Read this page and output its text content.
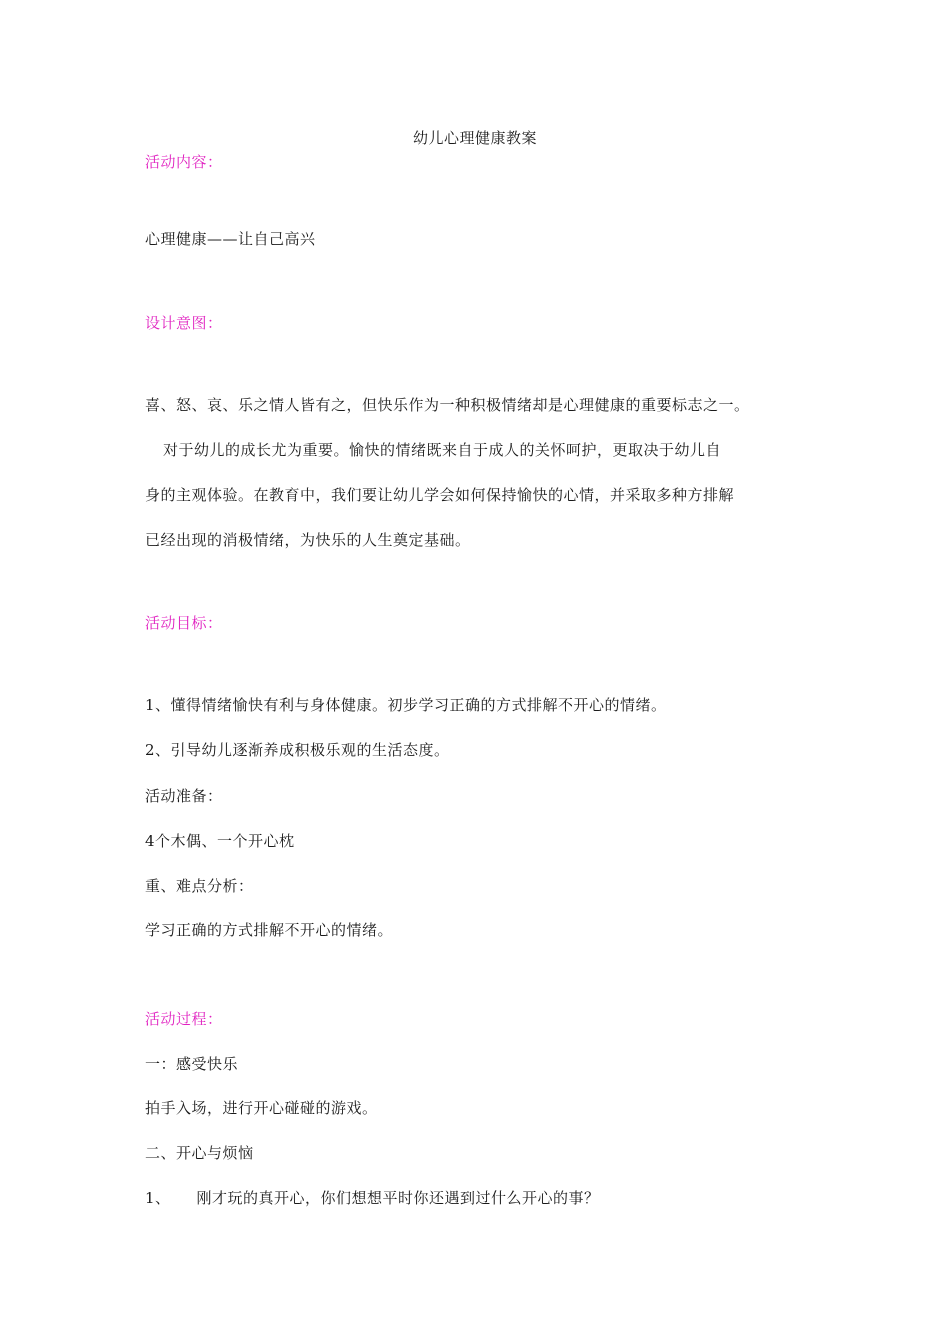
幼儿心理健康教案
活动内容：
心理健康——让自己高兴
设计意图：
喜、怒、哀、乐之情人皆有之，但快乐作为一种积极情绪却是心理健康的重要标志之一。
对于幼儿的成长尤为重要。愉快的情绪既来自于成人的关怀呵护，更取决于幼儿自
身的主观体验。在教育中，我们要让幼儿学会如何保持愉快的心情，并采取多种方排解
已经出现的消极情绪，为快乐的人生奠定基础。
活动目标：
1、懂得情绪愉快有利与身体健康。初步学习正确的方式排解不开心的情绪。
2、引导幼儿逐渐养成积极乐观的生活态度。
活动准备：
4个木偶、一个开心枕
重、难点分析：
学习正确的方式排解不开心的情绪。
活动过程：
一：感受快乐
拍手入场，进行开心碰碰的游戏。
二、开心与烦恼
1、 刚才玩的真开心，你们想想平时你还遇到过什么开心的事？
